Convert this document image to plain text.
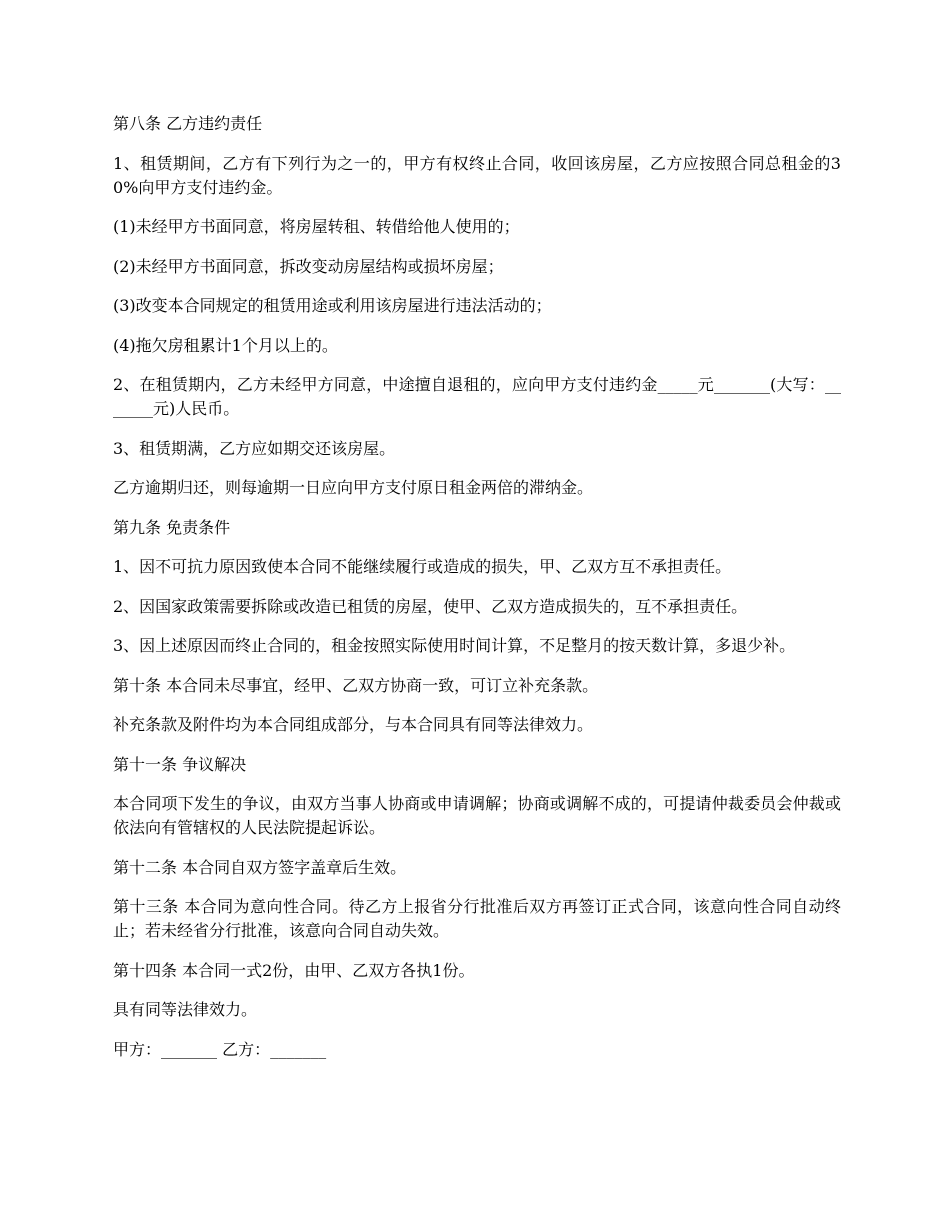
第八条 乙方违约责任

1、租赁期间，乙方有下列行为之一的，甲方有权终止合同，收回该房屋，乙方应按照合同总租金的30%向甲方支付违约金。

(1)未经甲方书面同意，将房屋转租、转借给他人使用的；

(2)未经甲方书面同意，拆改变动房屋结构或损坏房屋；

(3)改变本合同规定的租赁用途或利用该房屋进行违法活动的；

(4)拖欠房租累计1个月以上的。

2、在租赁期内，乙方未经甲方同意，中途擅自退租的，应向甲方支付违约金_____元_______(大写：_______元)人民币。

3、租赁期满，乙方应如期交还该房屋。

乙方逾期归还，则每逾期一日应向甲方支付原日租金两倍的滞纳金。

第九条 免责条件

1、因不可抗力原因致使本合同不能继续履行或造成的损失，甲、乙双方互不承担责任。

2、因国家政策需要拆除或改造已租赁的房屋，使甲、乙双方造成损失的，互不承担责任。

3、因上述原因而终止合同的，租金按照实际使用时间计算，不足整月的按天数计算，多退少补。

第十条 本合同未尽事宜，经甲、乙双方协商一致，可订立补充条款。

补充条款及附件均为本合同组成部分，与本合同具有同等法律效力。

第十一条 争议解决

本合同项下发生的争议，由双方当事人协商或申请调解；协商或调解不成的，可提请仲裁委员会仲裁或依法向有管辖权的人民法院提起诉讼。

第十二条 本合同自双方签字盖章后生效。

第十三条 本合同为意向性合同。待乙方上报省分行批准后双方再签订正式合同，该意向性合同自动终止；若未经省分行批准，该意向合同自动失效。

第十四条 本合同一式2份，由甲、乙双方各执1份。

具有同等法律效力。

甲方：_______ 乙方：_______
